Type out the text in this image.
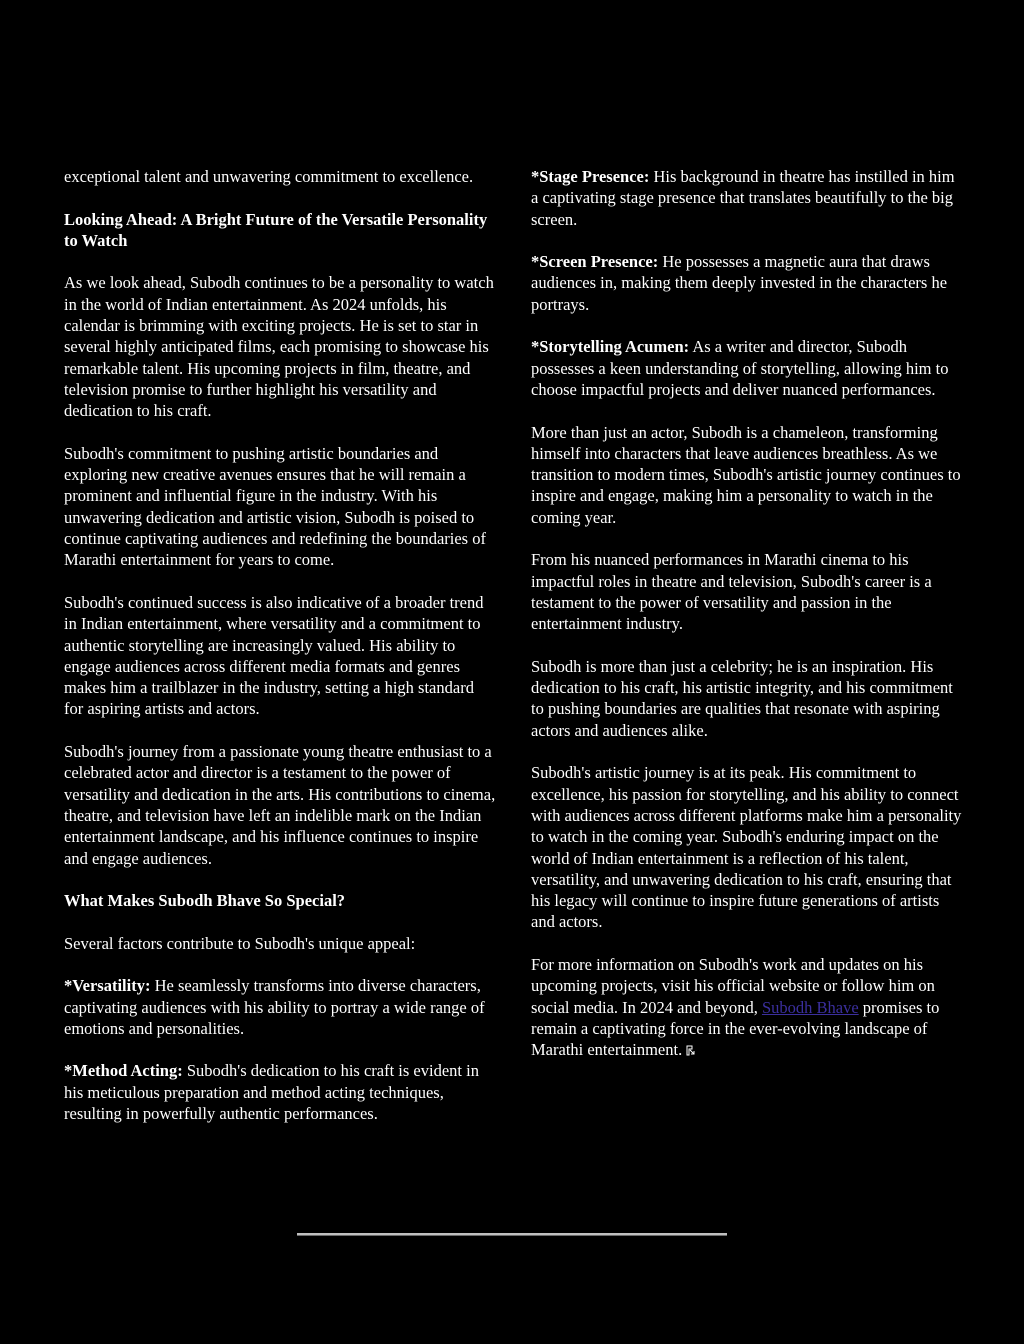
exceptional talent and unwavering commitment to excellence.

Looking Ahead: A Bright Future of the Versatile Personality to Watch

As we look ahead, Subodh continues to be a personality to watch in the world of Indian entertainment. As 2024 unfolds, his calendar is brimming with exciting projects. He is set to star in several highly anticipated films, each promising to showcase his remarkable talent. His upcoming projects in film, theatre, and television promise to further highlight his versatility and dedication to his craft.

Subodh's commitment to pushing artistic boundaries and exploring new creative avenues ensures that he will remain a prominent and influential figure in the industry. With his unwavering dedication and artistic vision, Subodh is poised to continue captivating audiences and redefining the boundaries of Marathi entertainment for years to come.

Subodh's continued success is also indicative of a broader trend in Indian entertainment, where versatility and a commitment to authentic storytelling are increasingly valued. His ability to engage audiences across different media formats and genres makes him a trailblazer in the industry, setting a high standard for aspiring artists and actors.

Subodh's journey from a passionate young theatre enthusiast to a celebrated actor and director is a testament to the power of versatility and dedication in the arts. His contributions to cinema, theatre, and television have left an indelible mark on the Indian entertainment landscape, and his influence continues to inspire and engage audiences.

What Makes Subodh Bhave So Special?

Several factors contribute to Subodh's unique appeal:

*Versatility: He seamlessly transforms into diverse characters, captivating audiences with his ability to portray a wide range of emotions and personalities.

*Method Acting: Subodh's dedication to his craft is evident in his meticulous preparation and method acting techniques, resulting in powerfully authentic performances.

*Stage Presence: His background in theatre has instilled in him a captivating stage presence that translates beautifully to the big screen.

*Screen Presence: He possesses a magnetic aura that draws audiences in, making them deeply invested in the characters he portrays.

*Storytelling Acumen: As a writer and director, Subodh possesses a keen understanding of storytelling, allowing him to choose impactful projects and deliver nuanced performances.

More than just an actor, Subodh is a chameleon, transforming himself into characters that leave audiences breathless. As we transition to modern times, Subodh's artistic journey continues to inspire and engage, making him a personality to watch in the coming year.

From his nuanced performances in Marathi cinema to his impactful roles in theatre and television, Subodh's career is a testament to the power of versatility and passion in the entertainment industry.

Subodh is more than just a celebrity; he is an inspiration. His dedication to his craft, his artistic integrity, and his commitment to pushing boundaries are qualities that resonate with aspiring actors and audiences alike.

Subodh's artistic journey is at its peak. His commitment to excellence, his passion for storytelling, and his ability to connect with audiences across different platforms make him a personality to watch in the coming year. Subodh's enduring impact on the world of Indian entertainment is a reflection of his talent, versatility, and unwavering dedication to his craft, ensuring that his legacy will continue to inspire future generations of artists and actors.

For more information on Subodh's work and updates on his upcoming projects, visit his official website or follow him on social media. In 2024 and beyond, Subodh Bhave promises to remain a captivating force in the ever-evolving landscape of Marathi entertainment.
